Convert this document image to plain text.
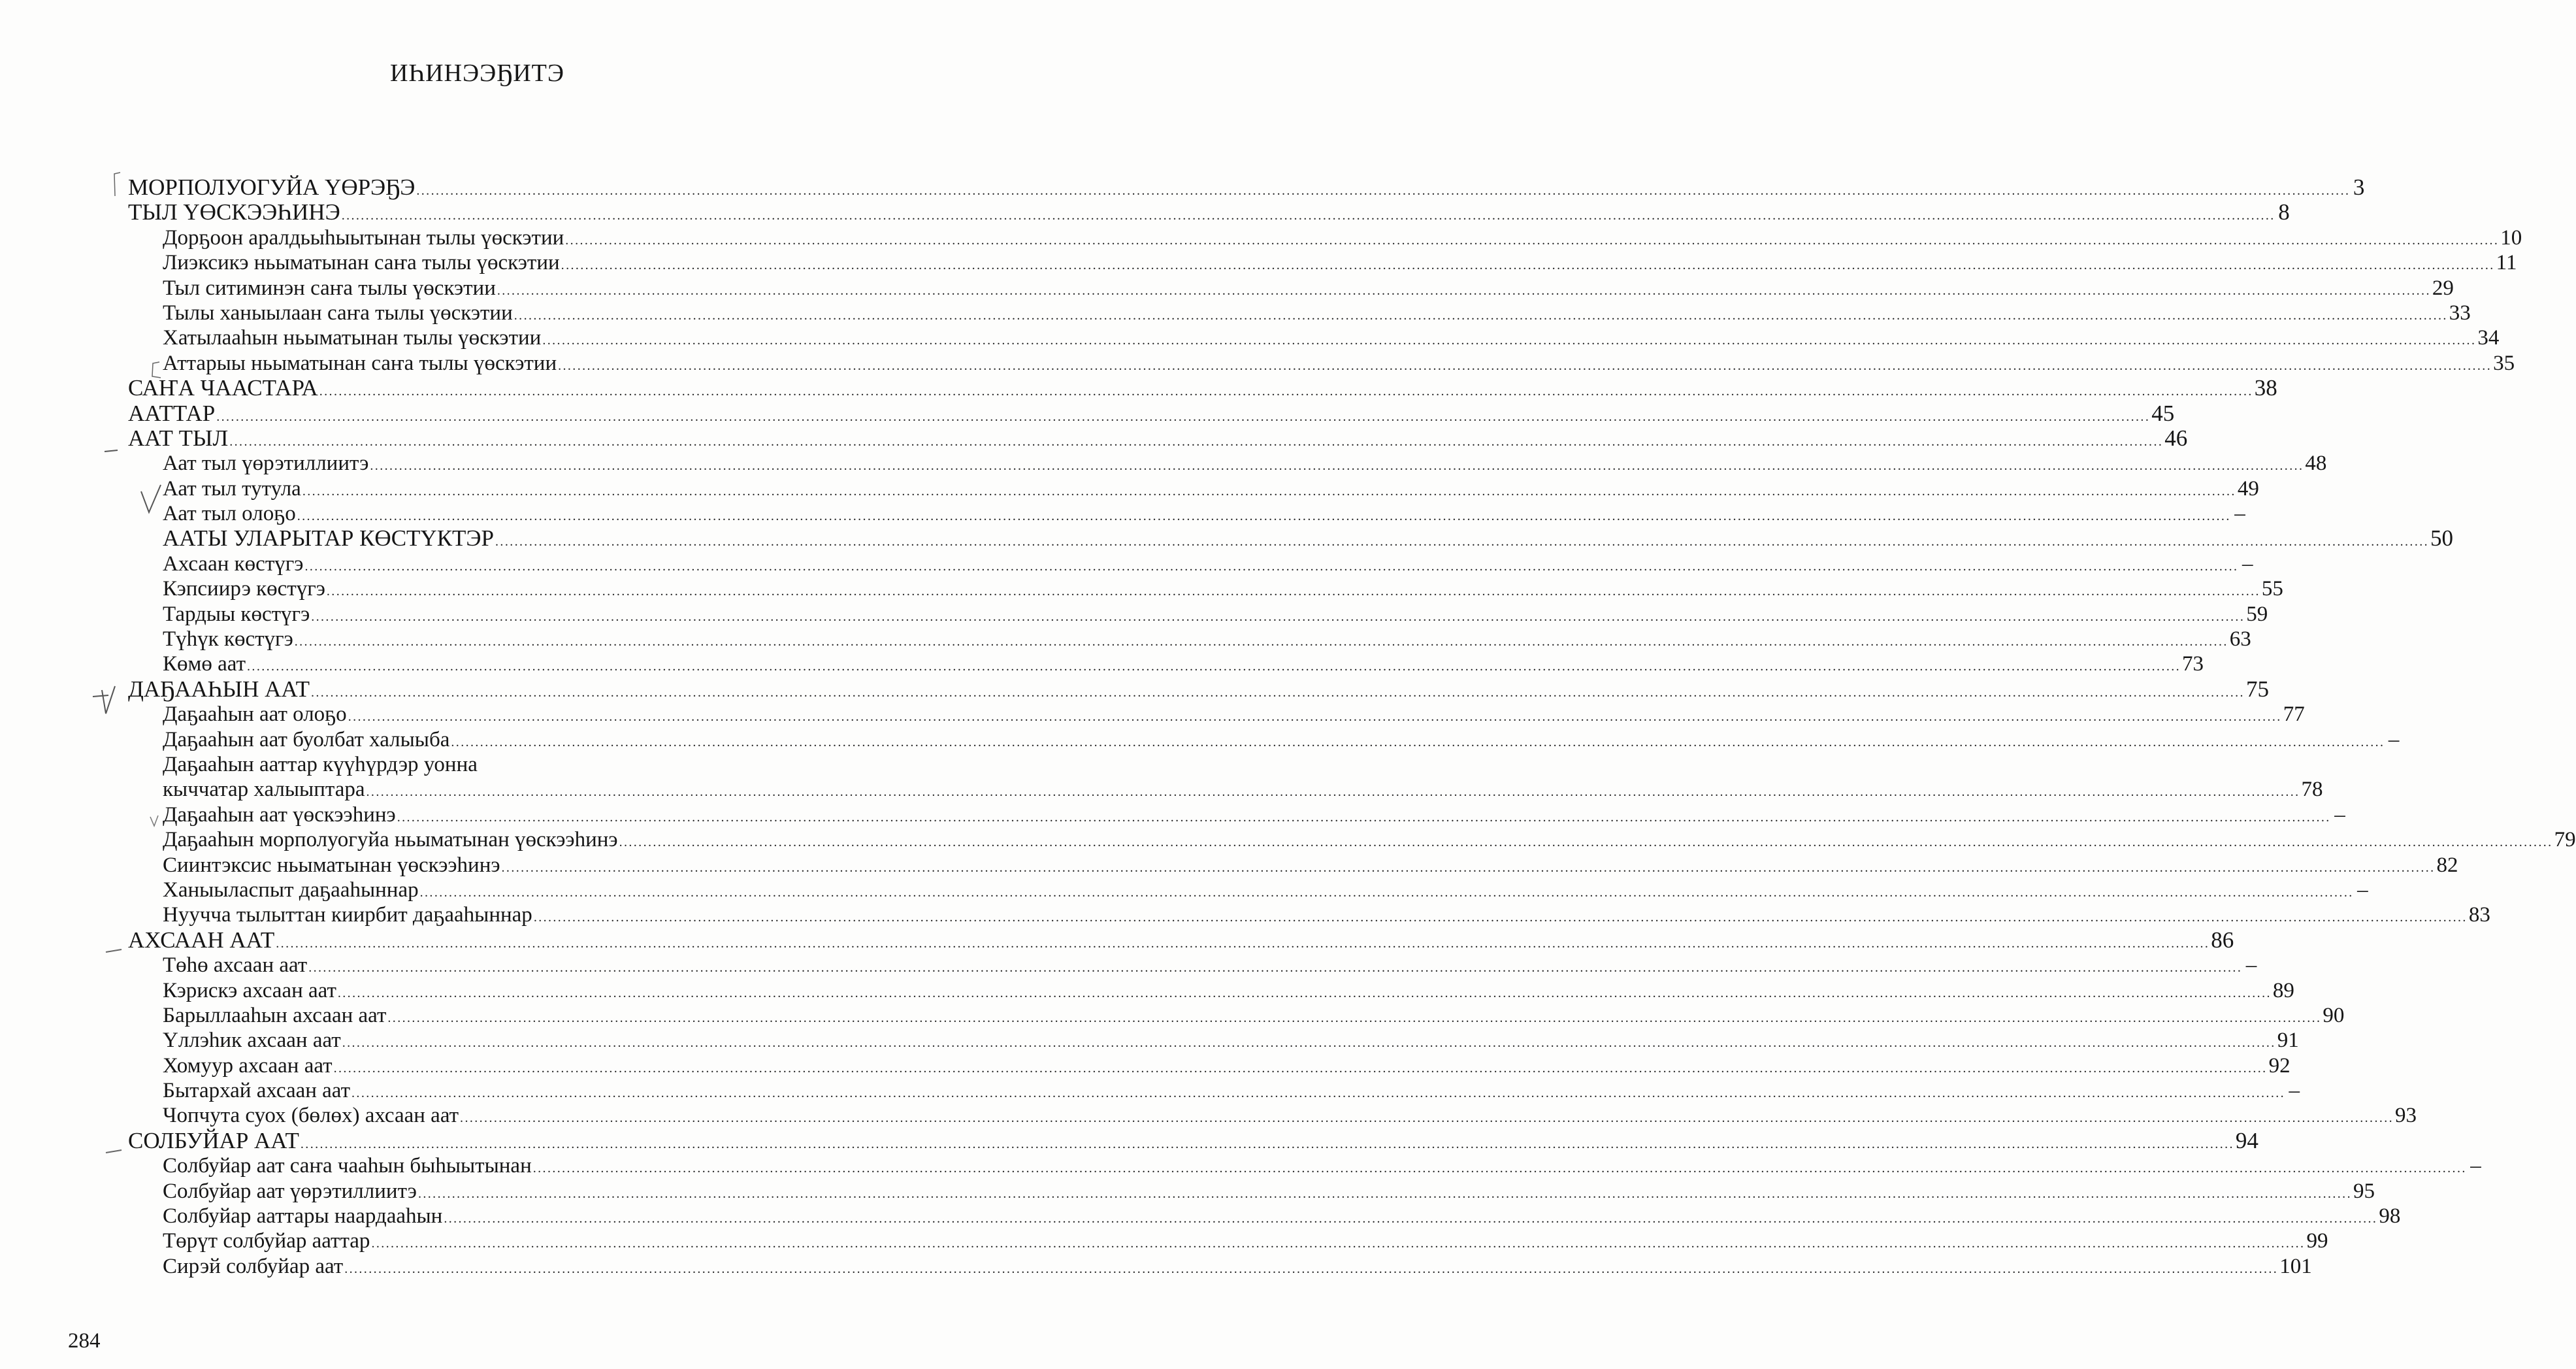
ИҺИНЭЭҔИТЭ
МОРПОЛУОГУЙА ҮӨРЭҔЭ ................................................................................................................................................................................................................................................................................................................................................................................................................ 3
ТЫЛ ҮӨСКЭЭҺИНЭ ................................................................................................................................................................................................................................................................................................................................................................................................................ 8
Дорҕоон аралдьыһыытынан тылы үөскэтии ................................................................................................................................................................................................................................................................................................................................................................................................................ 10
Лиэксикэ ньыматынан саҥа тылы үөскэтии ................................................................................................................................................................................................................................................................................................................................................................................................................ 11
Тыл ситиминэн саҥа тылы үөскэтии ................................................................................................................................................................................................................................................................................................................................................................................................................ 29
Тылы ханыылаан саҥа тылы үөскэтии ................................................................................................................................................................................................................................................................................................................................................................................................................ 33
Хатылааһын ньыматынан тылы үөскэтии ................................................................................................................................................................................................................................................................................................................................................................................................................ 34
Аттарыы ньыматынан саҥа тылы үөскэтии ................................................................................................................................................................................................................................................................................................................................................................................................................ 35
САҤА ЧААСТАРА ................................................................................................................................................................................................................................................................................................................................................................................................................ 38
ААТТАР ................................................................................................................................................................................................................................................................................................................................................................................................................ 45
ААТ ТЫЛ ................................................................................................................................................................................................................................................................................................................................................................................................................ 46
Аат тыл үөрэтиллиитэ ................................................................................................................................................................................................................................................................................................................................................................................................................ 48
Аат тыл тутула ................................................................................................................................................................................................................................................................................................................................................................................................................ 49
Аат тыл олоҕо ................................................................................................................................................................................................................................................................................................................................................................................................................ –
ААТЫ УЛАРЫТАР КӨСТҮКТЭР ................................................................................................................................................................................................................................................................................................................................................................................................................ 50
Ахсаан көстүгэ ................................................................................................................................................................................................................................................................................................................................................................................................................ –
Кэпсиирэ көстүгэ ................................................................................................................................................................................................................................................................................................................................................................................................................ 55
Тардыы көстүгэ ................................................................................................................................................................................................................................................................................................................................................................................................................ 59
Түһүк көстүгэ ................................................................................................................................................................................................................................................................................................................................................................................................................ 63
Көмө аат ................................................................................................................................................................................................................................................................................................................................................................................................................ 73
ДАҔААҺЫН ААТ ................................................................................................................................................................................................................................................................................................................................................................................................................ 75
Даҕааһын аат олоҕо ................................................................................................................................................................................................................................................................................................................................................................................................................ 77
Даҕааһын аат буолбат халыыба ................................................................................................................................................................................................................................................................................................................................................................................................................ –
Даҕааһын ааттар күүһүрдэр уонна
кыччатар халыыптара ................................................................................................................................................................................................................................................................................................................................................................................................................ 78
Даҕааһын аат үөскээһинэ ................................................................................................................................................................................................................................................................................................................................................................................................................ –
Даҕааһын морполуогуйа ньыматынан үөскээһинэ ................................................................................................................................................................................................................................................................................................................................................................................................................ 79
Сиинтэксис ньыматынан үөскээһинэ ................................................................................................................................................................................................................................................................................................................................................................................................................ 82
Ханыыласпыт даҕааһыннар ................................................................................................................................................................................................................................................................................................................................................................................................................ –
Нуучча тылыттан киирбит даҕааһыннар ................................................................................................................................................................................................................................................................................................................................................................................................................ 83
АХСААН ААТ ................................................................................................................................................................................................................................................................................................................................................................................................................ 86
Төһө ахсаан аат ................................................................................................................................................................................................................................................................................................................................................................................................................ –
Кэрискэ ахсаан аат ................................................................................................................................................................................................................................................................................................................................................................................................................ 89
Барыллааһын ахсаан аат ................................................................................................................................................................................................................................................................................................................................................................................................................ 90
Үллэһик ахсаан аат ................................................................................................................................................................................................................................................................................................................................................................................................................ 91
Хомуур ахсаан аат ................................................................................................................................................................................................................................................................................................................................................................................................................ 92
Бытархай ахсаан аат ................................................................................................................................................................................................................................................................................................................................................................................................................ –
Чопчута суох (бөлөх) ахсаан аат ................................................................................................................................................................................................................................................................................................................................................................................................................ 93
СОЛБУЙАР ААТ ................................................................................................................................................................................................................................................................................................................................................................................................................ 94
Солбуйар аат саҥа чааһын быһыытынан ................................................................................................................................................................................................................................................................................................................................................................................................................ –
Солбуйар аат үөрэтиллиитэ ................................................................................................................................................................................................................................................................................................................................................................................................................ 95
Солбуйар ааттары наардааһын ................................................................................................................................................................................................................................................................................................................................................................................................................ 98
Төрүт солбуйар ааттар ................................................................................................................................................................................................................................................................................................................................................................................................................ 99
Сирэй солбуйар аат ................................................................................................................................................................................................................................................................................................................................................................................................................ 101
284
